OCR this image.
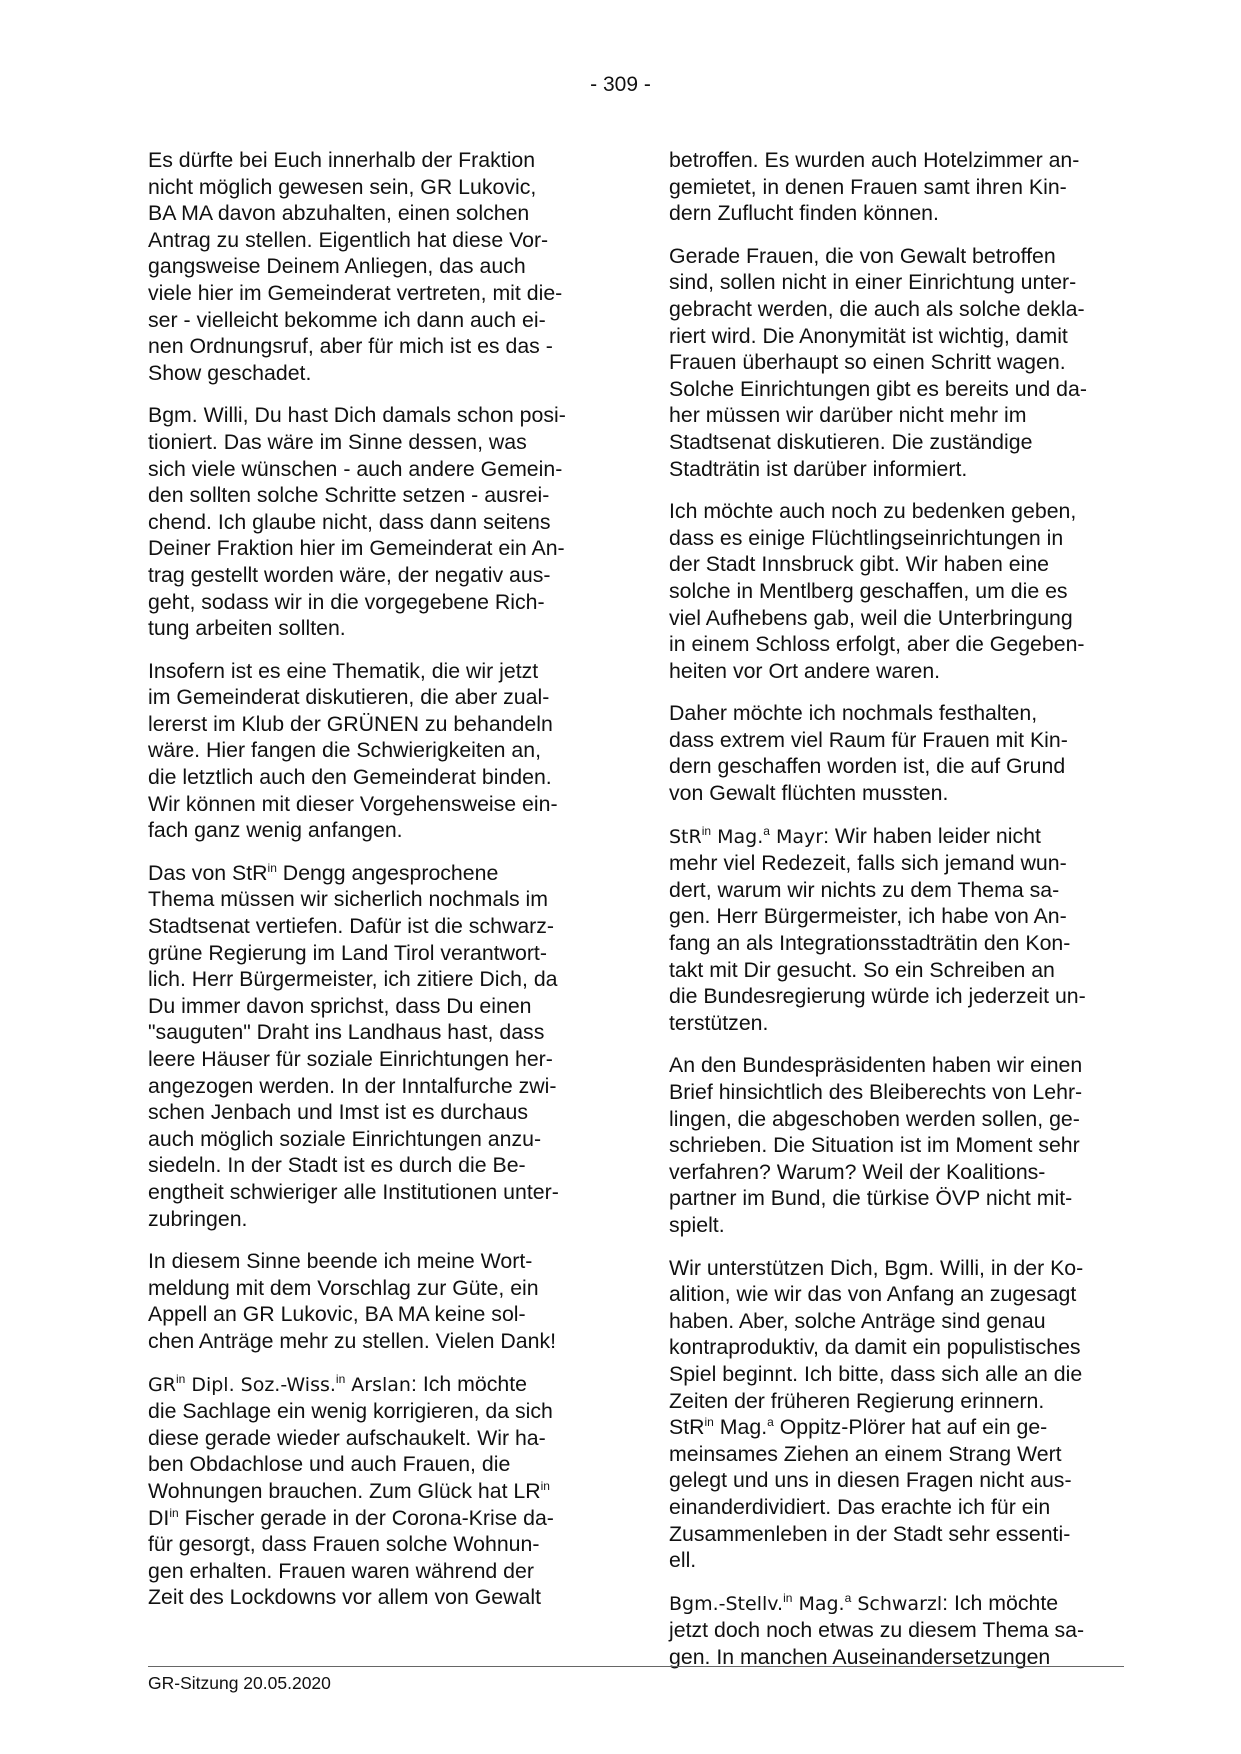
- 309 -

Es dürfte bei Euch innerhalb der Fraktion
nicht möglich gewesen sein, GR Lukovic,
BA MA davon abzuhalten, einen solchen
Antrag zu stellen. Eigentlich hat diese Vor-
gangsweise Deinem Anliegen, das auch
viele hier im Gemeinderat vertreten, mit die-
ser - vielleicht bekomme ich dann auch ei-
nen Ordnungsruf, aber für mich ist es das -
Show geschadet.

Bgm. Willi, Du hast Dich damals schon posi-
tioniert. Das wäre im Sinne dessen, was
sich viele wünschen - auch andere Gemein-
den sollten solche Schritte setzen - ausrei-
chend. Ich glaube nicht, dass dann seitens
Deiner Fraktion hier im Gemeinderat ein An-
trag gestellt worden wäre, der negativ aus-
geht, sodass wir in die vorgegebene Rich-
tung arbeiten sollten.

Insofern ist es eine Thematik, die wir jetzt
im Gemeinderat diskutieren, die aber zual-
lererst im Klub der GRÜNEN zu behandeln
wäre. Hier fangen die Schwierigkeiten an,
die letztlich auch den Gemeinderat binden.
Wir können mit dieser Vorgehensweise ein-
fach ganz wenig anfangen.

Das von StR$^{in}$ Dengg angesprochene
Thema müssen wir sicherlich nochmals im
Stadtsenat vertiefen. Dafür ist die schwarz-
grüne Regierung im Land Tirol verantwort-
lich. Herr Bürgermeister, ich zitiere Dich, da
Du immer davon sprichst, dass Du einen
"sauguten" Draht ins Landhaus hast, dass
leere Häuser für soziale Einrichtungen her-
angezogen werden. In der Inntalfurche zwi-
schen Jenbach und Imst ist es durchaus
auch möglich soziale Einrichtungen anzu-
siedeln. In der Stadt ist es durch die Be-
engtheit schwieriger alle Institutionen unter-
zubringen.

In diesem Sinne beende ich meine Wort-
meldung mit dem Vorschlag zur Güte, ein
Appell an GR Lukovic, BA MA keine sol-
chen Anträge mehr zu stellen. Vielen Dank!

$GR^{in}$ Dipl. Soz.-Wiss.$^{in}$ Arslan: Ich möchte
die Sachlage ein wenig korrigieren, da sich
diese gerade wieder aufschaukelt. Wir ha-
ben Obdachlose und auch Frauen, die
Wohnungen brauchen. Zum Glück hat $LR^{in}$
$DI^{in}$ Fischer gerade in der Corona-Krise da-
für gesorgt, dass Frauen solche Wohnun-
gen erhalten. Frauen waren während der
Zeit des Lockdowns vor allem von Gewalt

betroffen. Es wurden auch Hotelzimmer an-
gemietet, in denen Frauen samt ihren Kin-
dern Zuflucht finden können.

Gerade Frauen, die von Gewalt betroffen
sind, sollen nicht in einer Einrichtung unter-
gebracht werden, die auch als solche dekla-
riert wird. Die Anonymität ist wichtig, damit
Frauen überhaupt so einen Schritt wagen.
Solche Einrichtungen gibt es bereits und da-
her müssen wir darüber nicht mehr im
Stadtsenat diskutieren. Die zuständige
Stadträtin ist darüber informiert.

Ich möchte auch noch zu bedenken geben,
dass es einige Flüchtlingseinrichtungen in
der Stadt Innsbruck gibt. Wir haben eine
solche in Mentlberg geschaffen, um die es
viel Aufhebens gab, weil die Unterbringung
in einem Schloss erfolgt, aber die Gegeben-
heiten vor Ort andere waren.

Daher möchte ich nochmals festhalten,
dass extrem viel Raum für Frauen mit Kin-
dern geschaffen worden ist, die auf Grund
von Gewalt flüchten mussten.

StR$^{in}$ Mag.$^a$ Mayr: Wir haben leider nicht
mehr viel Redezeit, falls sich jemand wun-
dert, warum wir nichts zu dem Thema sa-
gen. Herr Bürgermeister, ich habe von An-
fang an als Integrationsstadträtin den Kon-
takt mit Dir gesucht. So ein Schreiben an
die Bundesregierung würde ich jederzeit un-
terstützen.

An den Bundespräsidenten haben wir einen
Brief hinsichtlich des Bleiberechts von Lehr-
lingen, die abgeschoben werden sollen, ge-
schrieben. Die Situation ist im Moment sehr
verfahren? Warum? Weil der Koalitions-
partner im Bund, die türkise ÖVP nicht mit-
spielt.

Wir unterstützen Dich, Bgm. Willi, in der Ko-
alition, wie wir das von Anfang an zugesagt
haben. Aber, solche Anträge sind genau
kontraproduktiv, da damit ein populistisches
Spiel beginnt. Ich bitte, dass sich alle an die
Zeiten der früheren Regierung erinnern.
StR$^{in}$ Mag.$^a$ Oppitz-Plörer hat auf ein ge-
meinsames Ziehen an einem Strang Wert
gelegt und uns in diesen Fragen nicht aus-
einanderdividiert. Das erachte ich für ein
Zusammenleben in der Stadt sehr essenti-
ell.

Bgm.-Stellv.$^{in}$ Mag.$^a$ Schwarzl: Ich möchte
jetzt doch noch etwas zu diesem Thema sa-
gen. In manchen Auseinandersetzungen

GR-Sitzung 20.05.2020
